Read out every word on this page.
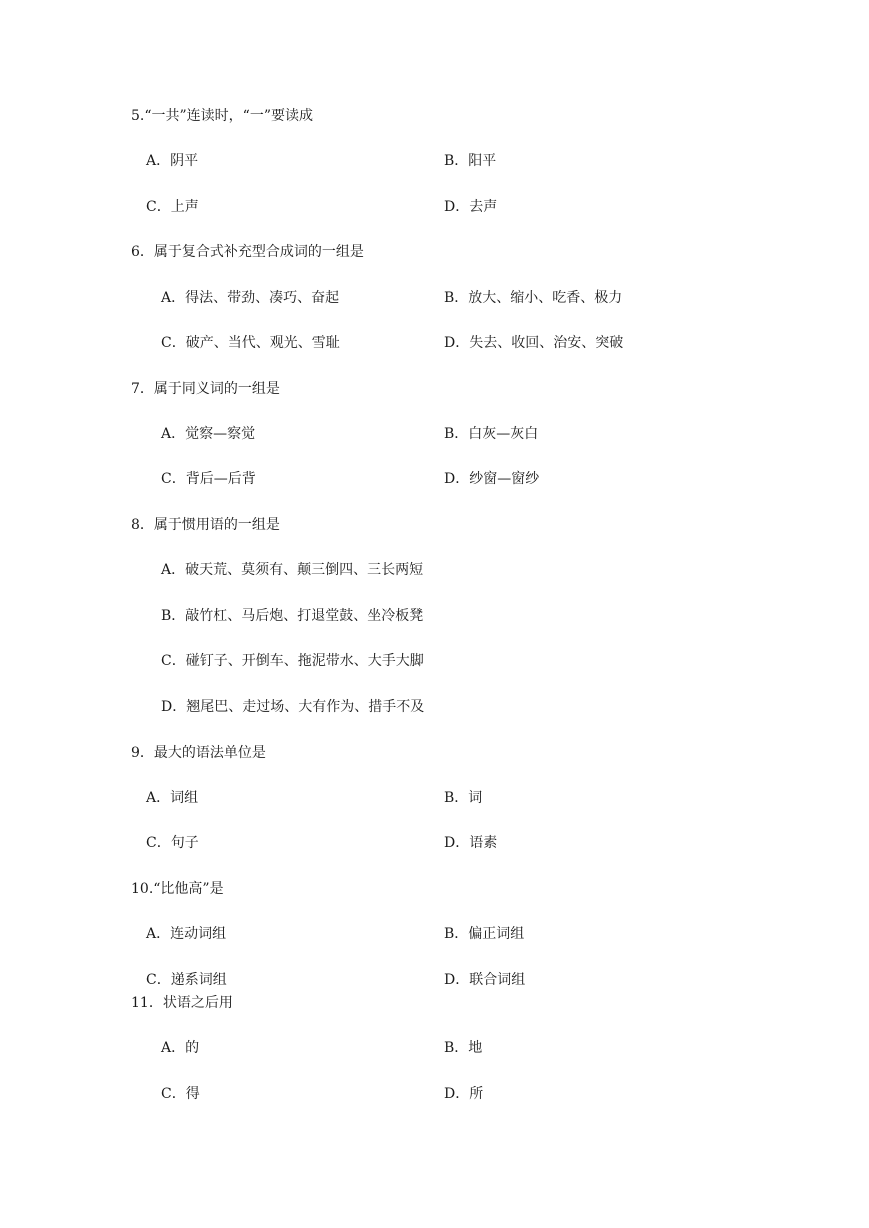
5.“一共”连读时，“一”要读成
A．阴平	B．阳平
C．上声	D．去声
6．属于复合式补充型合成词的一组是
A．得法、带劲、凑巧、奋起	B．放大、缩小、吃香、极力
C．破产、当代、观光、雪耻	D．失去、收回、治安、突破
7．属于同义词的一组是
A．觉察—察觉	B．白灰—灰白
C．背后—后背	D．纱窗—窗纱
8．属于惯用语的一组是
A．破天荒、莫须有、颠三倒四、三长两短
B．敲竹杠、马后炮、打退堂鼓、坐冷板凳
C．碰钉子、开倒车、拖泥带水、大手大脚
D．翘尾巴、走过场、大有作为、措手不及
9．最大的语法单位是
A．词组	B．词
C．句子	D．语素
10.“比他高”是
A．连动词组	B．偏正词组
C．递系词组	D．联合词组
11．状语之后用
A．的	B．地
C．得	D．所
